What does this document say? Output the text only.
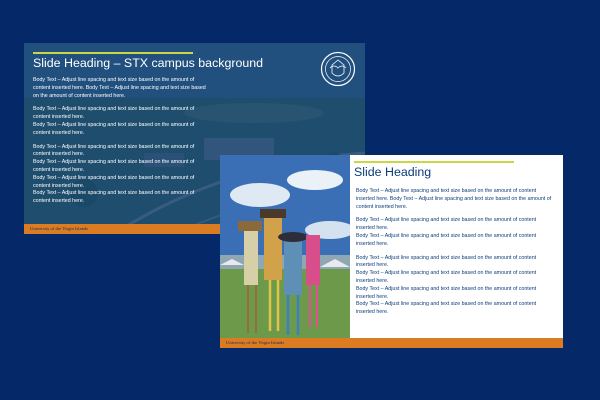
Slide Heading – STX campus background

Body Text – Adjust line spacing and text size based on the amount of content inserted here. Body Text – Adjust line spacing and text size based on the amount of content inserted here.

Body Text – Adjust line spacing and text size based on the amount of content inserted here.

Body Text – Adjust line spacing and text size based on the amount of content inserted here.

Body Text – Adjust line spacing and text size based on the amount of content inserted here.

Body Text – Adjust line spacing and text size based on the amount of content inserted here.

Body Text – Adjust line spacing and text size based on the amount of content inserted here.

Body Text – Adjust line spacing and text size based on the amount of content inserted here.

University of the Virgin Islands
Slide Heading

Body Text – Adjust line spacing and text size based on the amount of content inserted here. Body Text – Adjust line spacing and text size based on the amount of content inserted here.

Body Text – Adjust line spacing and text size based on the amount of content inserted here.

Body Text – Adjust line spacing and text size based on the amount of content inserted here.

Body Text – Adjust line spacing and text size based on the amount of content inserted here.

Body Text – Adjust line spacing and text size based on the amount of content inserted here.

Body Text – Adjust line spacing and text size based on the amount of content inserted here.

Body Text – Adjust line spacing and text size based on the amount of content inserted here.

University of the Virgin Islands
